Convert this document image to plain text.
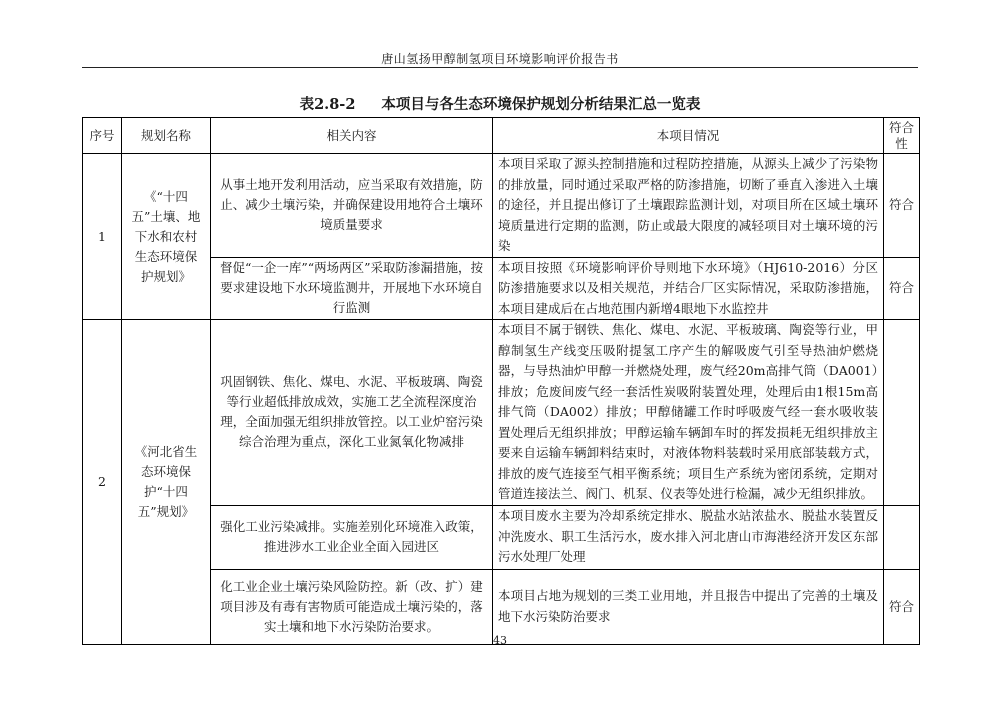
唐山氢扬甲醇制氢项目环境影响评价报告书
表2.8-2 本项目与各生态环境保护规划分析结果汇总一览表
序号	规划名称	相关内容	本项目情况	符合性
1	《“十四五”土壤、地下水和农村生态环境保护规划》	从事土地开发利用活动，应当采取有效措施，防止、减少土壤污染，并确保建设用地符合土壤环境质量要求	本项目采取了源头控制措施和过程防控措施，从源头上减少了污染物的排放量，同时通过采取严格的防渗措施，切断了垂直入渗进入土壤的途径，并且提出修订了土壤跟踪监测计划，对项目所在区域土壤环境质量进行定期的监测，防止或最大限度的减轻项目对土壤环境的污染	符合
		督促“一企一库”“两场两区”采取防渗漏措施，按要求建设地下水环境监测井，开展地下水环境自行监测	本项目按照《环境影响评价导则地下水环境》（HJ610-2016）分区防渗措施要求以及相关规范，并结合厂区实际情况，采取防渗措施，本项目建成后在占地范围内新增4眼地下水监控井	符合
2	《河北省生态环境保护“十四五”规划》	巩固钢铁、焦化、煤电、水泥、平板玻璃、陶瓷等行业超低排放成效，实施工艺全流程深度治理，全面加强无组织排放管控。以工业炉窑污染综合治理为重点，深化工业氮氧化物减排	本项目不属于钢铁、焦化、煤电、水泥、平板玻璃、陶瓷等行业，甲醇制氢生产线变压吸附提氢工序产生的解吸废气引至导热油炉燃烧器，与导热油炉甲醇一并燃烧处理，废气经20m高排气筒（DA001）排放；危废间废气经一套活性炭吸附装置处理，处理后由1根15m高排气筒（DA002）排放；甲醇储罐工作时呼吸废气经一套水吸收装置处理后无组织排放；甲醇运输车辆卸车时的挥发损耗无组织排放主要来自运输车辆卸料结束时，对液体物料装载时采用底部装载方式，排放的废气连接至气相平衡系统；项目生产系统为密闭系统，定期对管道连接法兰、阀门、机泵、仪表等处进行检漏，减少无组织排放。	
		强化工业污染减排。实施差别化环境准入政策，推进涉水工业企业全面入园进区	本项目废水主要为冷却系统定排水、脱盐水站浓盐水、脱盐水装置反冲洗废水、职工生活污水，废水排入河北唐山市海港经济开发区东部污水处理厂处理	
		化工业企业土壤污染风险防控。新（改、扩）建项目涉及有毒有害物质可能造成土壤污染的，落实土壤和地下水污染防治要求。	本项目占地为规划的三类工业用地，并且报告中提出了完善的土壤及地下水污染防治要求	符合
43
